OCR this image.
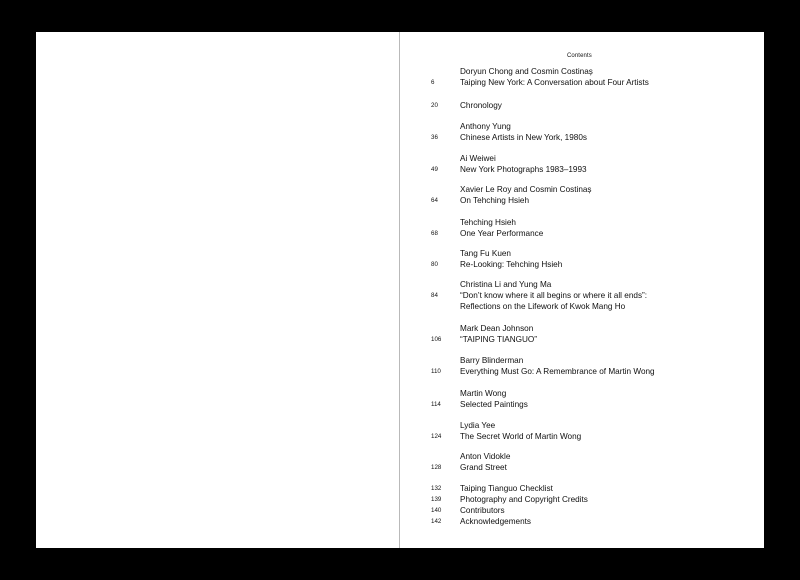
Contents
Doryun Chong and Cosmin Costinaș
6	Taiping New York: A Conversation about Four Artists
20	Chronology
Anthony Yung
36	Chinese Artists in New York, 1980s
Ai Weiwei
49	New York Photographs 1983–1993
Xavier Le Roy and Cosmin Costinaș
64	On Tehching Hsieh
Tehching Hsieh
68	One Year Performance
Tang Fu Kuen
80	Re-Looking: Tehching Hsieh
Christina Li and Yung Ma
84	“Don’t know where it all begins or where it all ends”:
Reflections on the Lifework of Kwok Mang Ho
Mark Dean Johnson
106	“TAIPING TIANGUO”
Barry Blinderman
110	Everything Must Go: A Remembrance of Martin Wong
Martin Wong
114	Selected Paintings
Lydia Yee
124	The Secret World of Martin Wong
Anton Vidokle
128	Grand Street
132	Taiping Tianguo Checklist
139	Photography and Copyright Credits
140	Contributors
142	Acknowledgements
